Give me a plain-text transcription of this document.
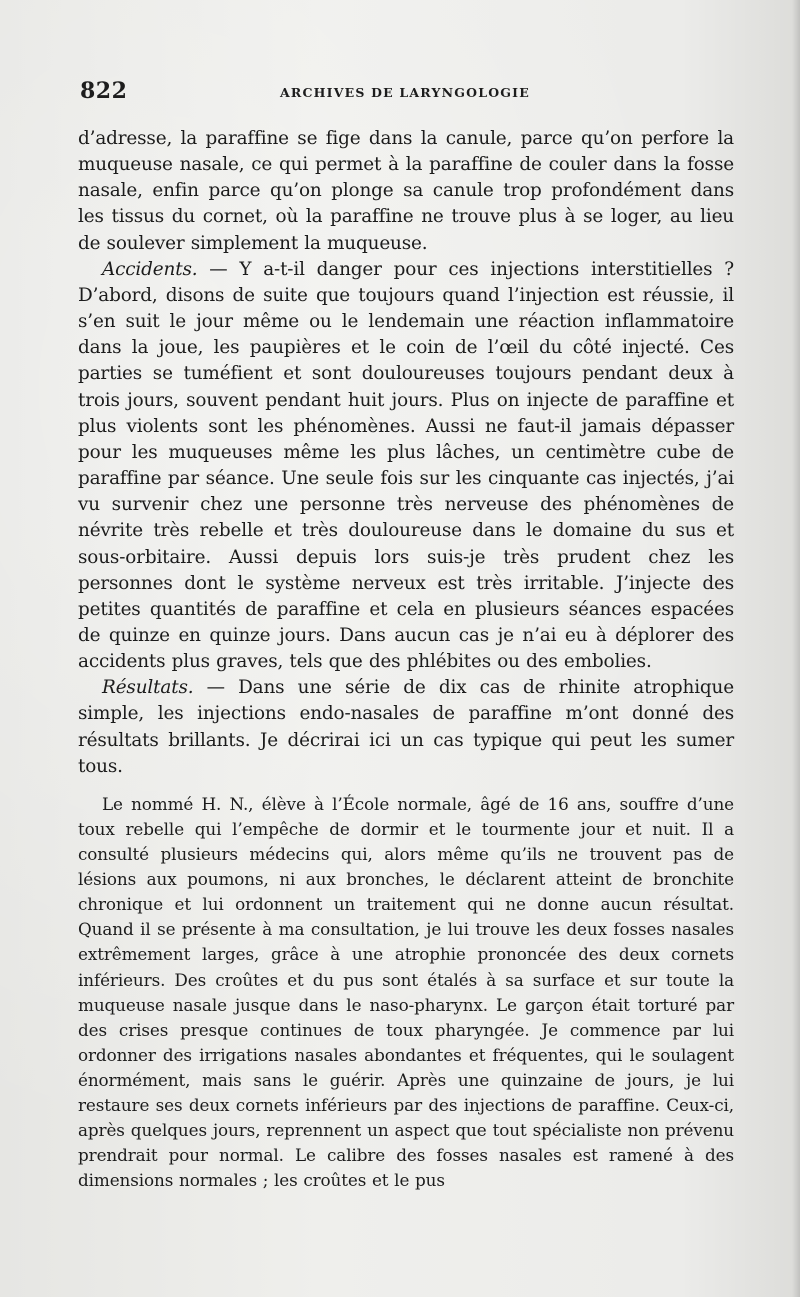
822	ARCHIVES DE LARYNGOLOGIE

d’adresse, la paraffine se fige dans la canule, parce qu’on perfore la muqueuse nasale, ce qui permet à la paraffine de couler dans la fosse nasale, enfin parce qu’on plonge sa canule trop profondément dans les tissus du cornet, où la paraffine ne trouve plus à se loger, au lieu de soulever simplement la muqueuse.

Accidents. — Y a-t-il danger pour ces injections interstitielles ? D’abord, disons de suite que toujours quand l’injection est réussie, il s’en suit le jour même ou le lendemain une réaction inflammatoire dans la joue, les paupières et le coin de l’œil du côté injecté. Ces parties se tuméfient et sont douloureuses toujours pendant deux à trois jours, souvent pendant huit jours. Plus on injecte de paraffine et plus violents sont les phénomènes. Aussi ne faut-il jamais dépasser pour les muqueuses même les plus lâches, un centimètre cube de paraffine par séance. Une seule fois sur les cinquante cas injectés, j’ai vu survenir chez une personne très nerveuse des phénomènes de névrite très rebelle et très douloureuse dans le domaine du sus et sous-orbitaire. Aussi depuis lors suis-je très prudent chez les personnes dont le système nerveux est très irritable. J’injecte des petites quantités de paraffine et cela en plusieurs séances espacées de quinze en quinze jours. Dans aucun cas je n’ai eu à déplorer des accidents plus graves, tels que des phlébites ou des embolies.

Résultats. — Dans une série de dix cas de rhinite atrophique simple, les injections endo-nasales de paraffine m’ont donné des résultats brillants. Je décrirai ici un cas typique qui peut les sumer tous.

Le nommé H. N., élève à l’École normale, âgé de 16 ans, souffre d’une toux rebelle qui l’empêche de dormir et le tourmente jour et nuit. Il a consulté plusieurs médecins qui, alors même qu’ils ne trouvent pas de lésions aux poumons, ni aux bronches, le déclarent atteint de bronchite chronique et lui ordonnent un traitement qui ne donne aucun résultat. Quand il se présente à ma consultation, je lui trouve les deux fosses nasales extrêmement larges, grâce à une atrophie prononcée des deux cornets inférieurs. Des croûtes et du pus sont étalés à sa surface et sur toute la muqueuse nasale jusque dans le naso-pharynx. Le garçon était torturé par des crises presque continues de toux pharyngée. Je commence par lui ordonner des irrigations nasales abondantes et fréquentes, qui le soulagent énormément, mais sans le guérir. Après une quinzaine de jours, je lui restaure ses deux cornets inférieurs par des injections de paraffine. Ceux-ci, après quelques jours, reprennent un aspect que tout spécialiste non prévenu prendrait pour normal. Le calibre des fosses nasales est ramené à des dimensions normales ; les croûtes et le pus
